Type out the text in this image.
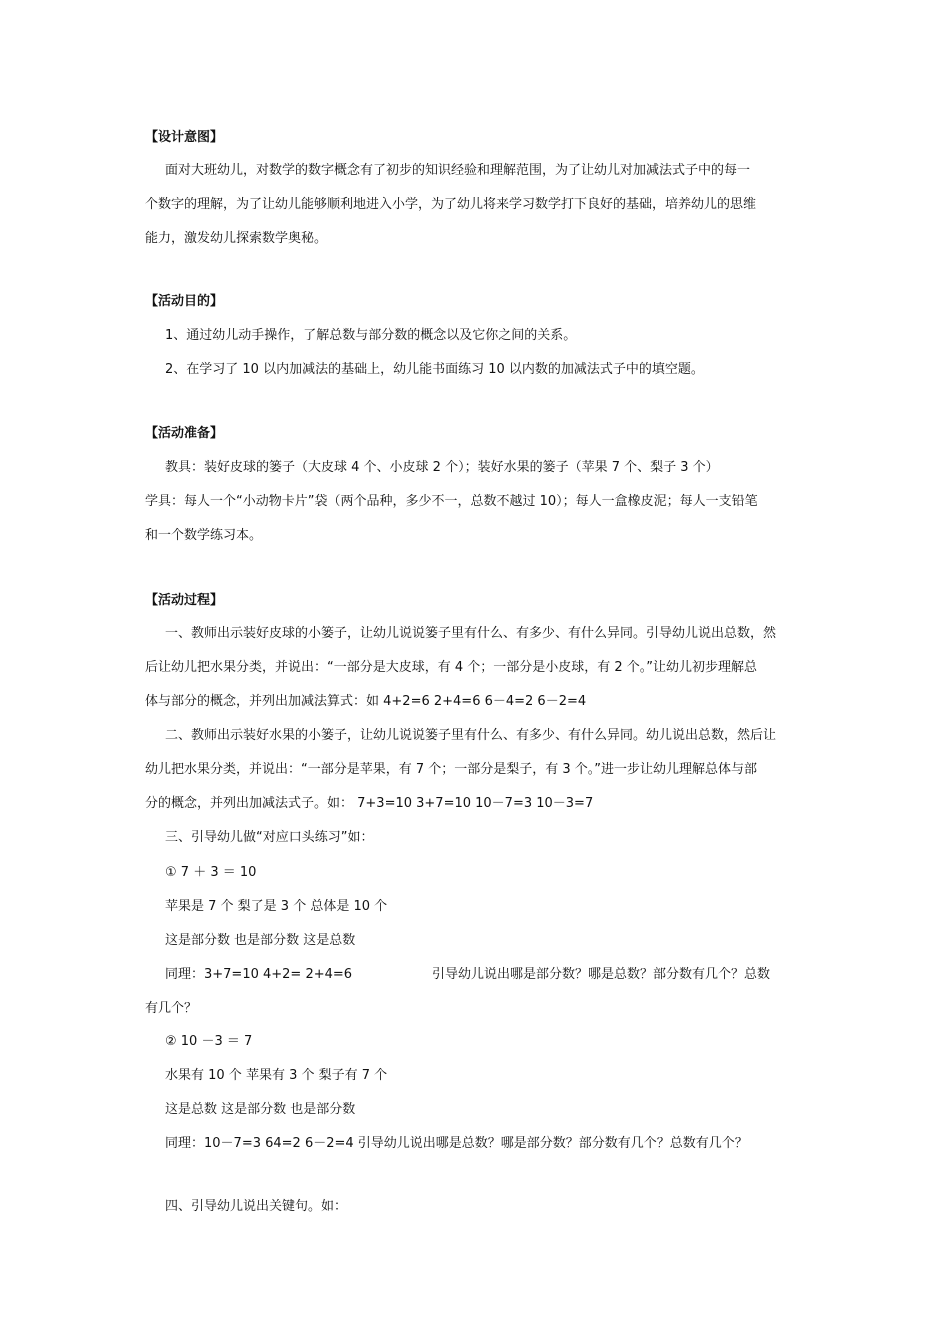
【设计意图】
面对大班幼儿，对数学的数字概念有了初步的知识经验和理解范围，为了让幼儿对加减法式子中的每一
个数字的理解，为了让幼儿能够顺利地进入小学，为了幼儿将来学习数学打下良好的基础，培养幼儿的思维
能力，激发幼儿探索数学奥秘。
【活动目的】
1、通过幼儿动手操作，了解总数与部分数的概念以及它你之间的关系。
2、在学习了 10 以内加减法的基础上，幼儿能书面练习 10 以内数的加减法式子中的填空题。
【活动准备】
教具：装好皮球的篓子（大皮球 4 个、小皮球 2 个）；装好水果的篓子（苹果 7 个、梨子 3 个）
学具：每人一个“小动物卡片”袋（两个品种，多少不一，总数不越过 10）；每人一盒橡皮泥；每人一支铅笔
和一个数学练习本。
【活动过程】
一、教师出示装好皮球的小篓子，让幼儿说说篓子里有什么、有多少、有什么异同。引导幼儿说出总数，然
后让幼儿把水果分类，并说出：“一部分是大皮球，有 4 个；一部分是小皮球，有 2 个。”让幼儿初步理解总
体与部分的概念，并列出加减法算式：如 4+2=6 2+4=6 6－4=2 6－2=4
二、教师出示装好水果的小篓子，让幼儿说说篓子里有什么、有多少、有什么异同。幼儿说出总数，然后让
幼儿把水果分类，并说出：“一部分是苹果，有 7 个；一部分是梨子，有 3 个。”进一步让幼儿理解总体与部
分的概念，并列出加减法式子。如： 7+3=10 3+7=10 10－7=3 10－3=7
三、引导幼儿做“对应口头练习”如：
① 7 ＋ 3 ＝ 10
苹果是 7 个 梨了是 3 个 总体是 10 个
这是部分数 也是部分数 这是总数
同理：3+7=10 4+2= 2+4=6	引导幼儿说出哪是部分数？哪是总数？部分数有几个？总数
有几个？
② 10 －3 ＝ 7
水果有 10 个 苹果有 3 个 梨子有 7 个
这是总数 这是部分数 也是部分数
同理：10－7=3 64=2 6－2=4 引导幼儿说出哪是总数？哪是部分数？部分数有几个？总数有几个？
四、引导幼儿说出关键句。如：
